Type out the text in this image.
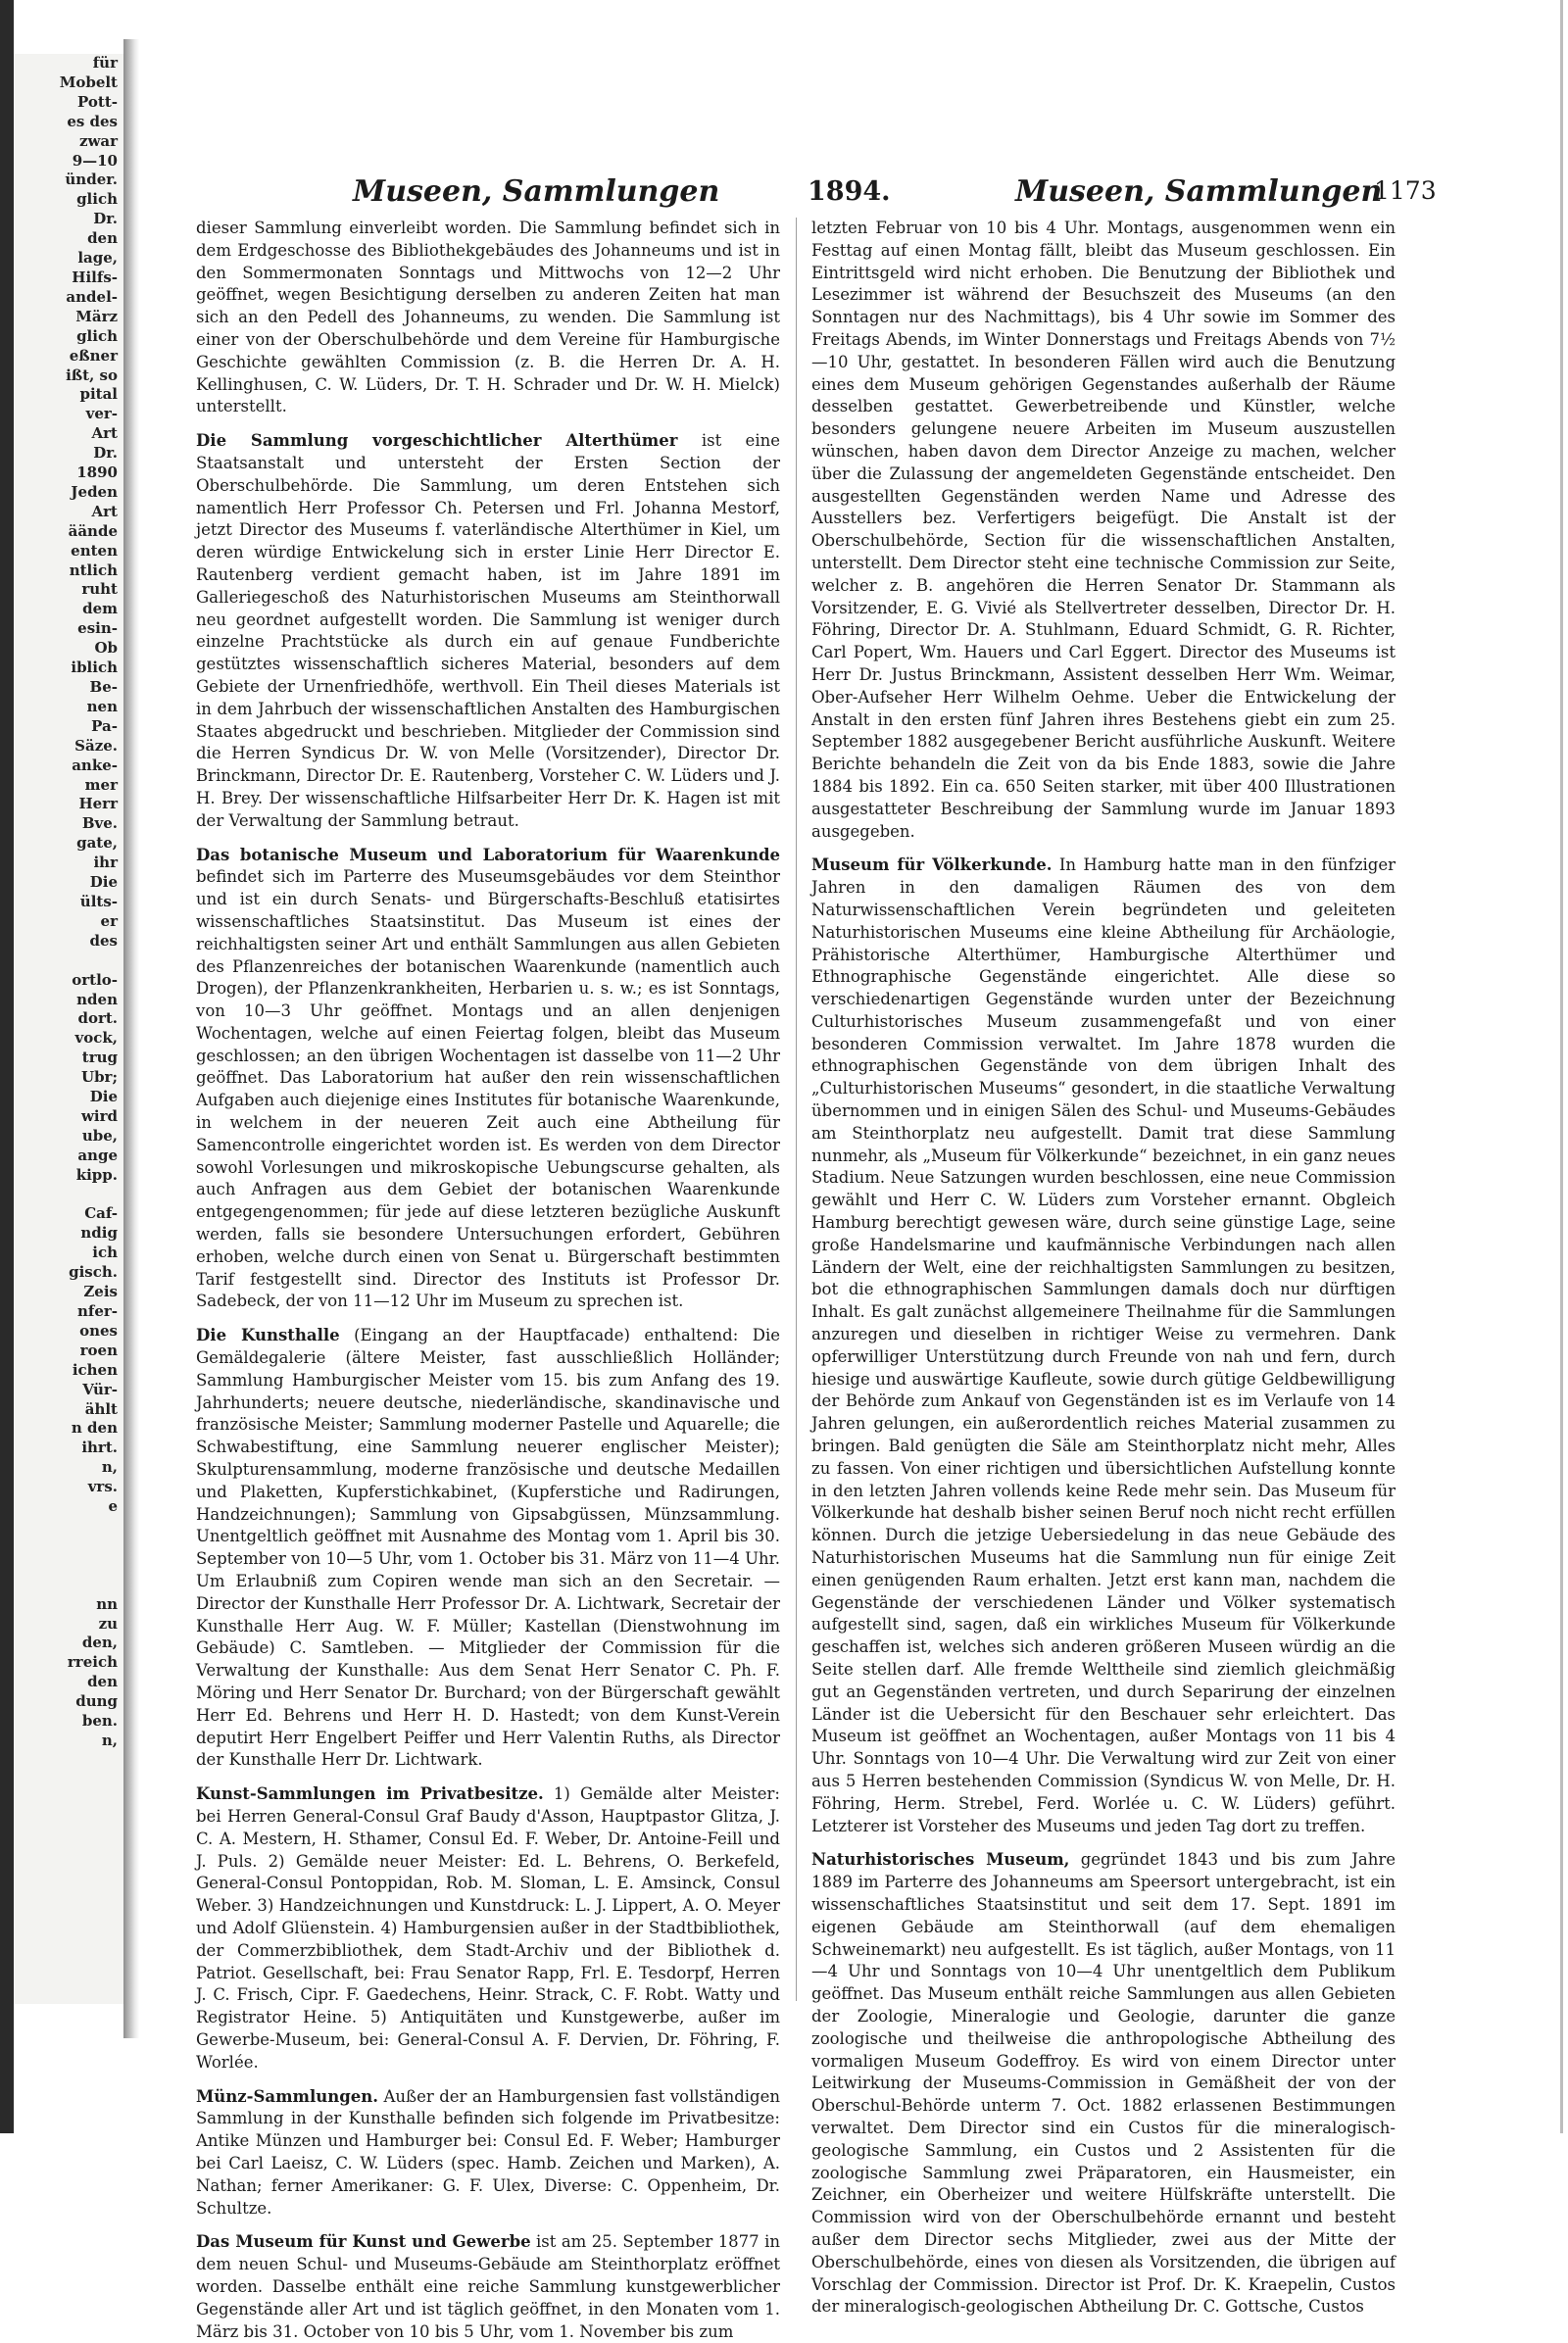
für
Mobelt
Pott-
es des
zwar
9—10
ünder.
glich
Dr.
den
lage,
Hilfs-
andel-
März
glich
eßner
ißt, so
pital
ver-
Art
Dr.
1890
Jeden
Art
äände
enten
ntlich
ruht
dem
esin-
Ob
iblich
Be-
nen
Pa-
Säze.
anke-
mer
Herr
Bve.
gate,
ihr
Die
ülts-
er
des

ortlo-
nden
dort.
vock,
trug
Ubr;
Die
wird
ube,
ange
kipp.

Caf-
ndig
ich
gisch.
Zeis
nfer-
ones
roen
ichen
Vür-
ählt
n den
ihrt.
n,
vrs.
e

nn
zu
den,
rreich
den
dung
ben.
n,
Museen, Sammlungen	1894.	Museen, Sammlungen
1173

dieser Sammlung einverleibt worden. Die Sammlung befindet sich in dem Erdgeschosse des Bibliothekgebäudes des Johanneums und ist in den Sommermonaten Sonntags und Mittwochs von 12—2 Uhr geöffnet, wegen Besichtigung derselben zu anderen Zeiten hat man sich an den Pedell des Johanneums, zu wenden. Die Sammlung ist einer von der Oberschulbehörde und dem Vereine für Hamburgische Geschichte gewählten Commission (z. B. die Herren Dr. A. H. Kellinghusen, C. W. Lüders, Dr. T. H. Schrader und Dr. W. H. Mielck) unterstellt.

Die Sammlung vorgeschichtlicher Alterthümer ist eine Staatsanstalt und untersteht der Ersten Section der Oberschulbehörde. Die Sammlung, um deren Entstehen sich namentlich Herr Professor Ch. Petersen und Frl. Johanna Mestorf, jetzt Director des Museums f. vaterländische Alterthümer in Kiel, um deren würdige Entwickelung sich in erster Linie Herr Director E. Rautenberg verdient gemacht haben, ist im Jahre 1891 im Galleriegeschoß des Naturhistorischen Museums am Steinthorwall neu geordnet aufgestellt worden. Die Sammlung ist weniger durch einzelne Prachtstücke als durch ein auf genaue Fundberichte gestütztes wissenschaftlich sicheres Material, besonders auf dem Gebiete der Urnenfriedhöfe, werthvoll. Ein Theil dieses Materials ist in dem Jahrbuch der wissenschaftlichen Anstalten des Hamburgischen Staates abgedruckt und beschrieben. Mitglieder der Commission sind die Herren Syndicus Dr. W. von Melle (Vorsitzender), Director Dr. Brinckmann, Director Dr. E. Rautenberg, Vorsteher C. W. Lüders und J. H. Brey. Der wissenschaftliche Hilfsarbeiter Herr Dr. K. Hagen ist mit der Verwaltung der Sammlung betraut.

Das botanische Museum und Laboratorium für Waarenkunde befindet sich im Parterre des Museumsgebäudes vor dem Steinthor und ist ein durch Senats- und Bürgerschafts-Beschluß etatisirtes wissenschaftliches Staatsinstitut. Das Museum ist eines der reichhaltigsten seiner Art und enthält Sammlungen aus allen Gebieten des Pflanzenreiches der botanischen Waarenkunde (namentlich auch Drogen), der Pflanzenkrankheiten, Herbarien u. s. w.; es ist Sonntags, von 10—3 Uhr geöffnet. Montags und an allen denjenigen Wochentagen, welche auf einen Feiertag folgen, bleibt das Museum geschlossen; an den übrigen Wochentagen ist dasselbe von 11—2 Uhr geöffnet. Das Laboratorium hat außer den rein wissenschaftlichen Aufgaben auch diejenige eines Institutes für botanische Waarenkunde, in welchem in der neueren Zeit auch eine Abtheilung für Samencontrolle eingerichtet worden ist. Es werden von dem Director sowohl Vorlesungen und mikroskopische Uebungscurse gehalten, als auch Anfragen aus dem Gebiet der botanischen Waarenkunde entgegengenommen; für jede auf diese letzteren bezügliche Auskunft werden, falls sie besondere Untersuchungen erfordert, Gebühren erhoben, welche durch einen von Senat u. Bürgerschaft bestimmten Tarif festgestellt sind. Director des Instituts ist Professor Dr. Sadebeck, der von 11—12 Uhr im Museum zu sprechen ist.

Die Kunsthalle (Eingang an der Hauptfacade) enthaltend: Die Gemäldegalerie (ältere Meister, fast ausschließlich Holländer; Sammlung Hamburgischer Meister vom 15. bis zum Anfang des 19. Jahrhunderts; neuere deutsche, niederländische, skandinavische und französische Meister; Sammlung moderner Pastelle und Aquarelle; die Schwabestiftung, eine Sammlung neuerer englischer Meister); Skulpturensammlung, moderne französische und deutsche Medaillen und Plaketten, Kupferstichkabinet, (Kupferstiche und Radirungen, Handzeichnungen); Sammlung von Gipsabgüssen, Münzsammlung. Unentgeltlich geöffnet mit Ausnahme des Montag vom 1. April bis 30. September von 10—5 Uhr, vom 1. October bis 31. März von 11—4 Uhr. Um Erlaubniß zum Copiren wende man sich an den Secretair. — Director der Kunsthalle Herr Professor Dr. A. Lichtwark, Secretair der Kunsthalle Herr Aug. W. F. Müller; Kastellan (Dienstwohnung im Gebäude) C. Samtleben. — Mitglieder der Commission für die Verwaltung der Kunsthalle: Aus dem Senat Herr Senator C. Ph. F. Möring und Herr Senator Dr. Burchard; von der Bürgerschaft gewählt Herr Ed. Behrens und Herr H. D. Hastedt; von dem Kunst-Verein deputirt Herr Engelbert Peiffer und Herr Valentin Ruths, als Director der Kunsthalle Herr Dr. Lichtwark.

Kunst-Sammlungen im Privatbesitze. 1) Gemälde alter Meister: bei Herren General-Consul Graf Baudy d'Asson, Hauptpastor Glitza, J. C. A. Mestern, H. Sthamer, Consul Ed. F. Weber, Dr. Antoine-Feill und J. Puls. 2) Gemälde neuer Meister: Ed. L. Behrens, O. Berkefeld, General-Consul Pontoppidan, Rob. M. Sloman, L. E. Amsinck, Consul Weber. 3) Handzeichnungen und Kunstdruck: L. J. Lippert, A. O. Meyer und Adolf Glüenstein. 4) Hamburgensien außer in der Stadtbibliothek, der Commerzbibliothek, dem Stadt-Archiv und der Bibliothek d. Patriot. Gesellschaft, bei: Frau Senator Rapp, Frl. E. Tesdorpf, Herren J. C. Frisch, Cipr. F. Gaedechens, Heinr. Strack, C. F. Robt. Watty und Registrator Heine. 5) Antiquitäten und Kunstgewerbe, außer im Gewerbe-Museum, bei: General-Consul A. F. Dervien, Dr. Föhring, F. Worlée.

Münz-Sammlungen. Außer der an Hamburgensien fast vollständigen Sammlung in der Kunsthalle befinden sich folgende im Privatbesitze: Antike Münzen und Hamburger bei: Consul Ed. F. Weber; Hamburger bei Carl Laeisz, C. W. Lüders (spec. Hamb. Zeichen und Marken), A. Nathan; ferner Amerikaner: G. F. Ulex, Diverse: C. Oppenheim, Dr. Schultze.

Das Museum für Kunst und Gewerbe ist am 25. September 1877 in dem neuen Schul- und Museums-Gebäude am Steinthorplatz eröffnet worden. Dasselbe enthält eine reiche Sammlung kunstgewerblicher Gegenstände aller Art und ist täglich geöffnet, in den Monaten vom 1. März bis 31. October von 10 bis 5 Uhr, vom 1. November bis zum

letzten Februar von 10 bis 4 Uhr. Montags, ausgenommen wenn ein Festtag auf einen Montag fällt, bleibt das Museum geschlossen. Ein Eintrittsgeld wird nicht erhoben. Die Benutzung der Bibliothek und Lesezimmer ist während der Besuchszeit des Museums (an den Sonntagen nur des Nachmittags), bis 4 Uhr sowie im Sommer des Freitags Abends, im Winter Donnerstags und Freitags Abends von 7½—10 Uhr, gestattet. In besonderen Fällen wird auch die Benutzung eines dem Museum gehörigen Gegenstandes außerhalb der Räume desselben gestattet. Gewerbetreibende und Künstler, welche besonders gelungene neuere Arbeiten im Museum auszustellen wünschen, haben davon dem Director Anzeige zu machen, welcher über die Zulassung der angemeldeten Gegenstände entscheidet. Den ausgestellten Gegenständen werden Name und Adresse des Ausstellers bez. Verfertigers beigefügt. Die Anstalt ist der Oberschulbehörde, Section für die wissenschaftlichen Anstalten, unterstellt. Dem Director steht eine technische Commission zur Seite, welcher z. B. angehören die Herren Senator Dr. Stammann als Vorsitzender, E. G. Vivié als Stellvertreter desselben, Director Dr. H. Föhring, Director Dr. A. Stuhlmann, Eduard Schmidt, G. R. Richter, Carl Popert, Wm. Hauers und Carl Eggert. Director des Museums ist Herr Dr. Justus Brinckmann, Assistent desselben Herr Wm. Weimar, Ober-Aufseher Herr Wilhelm Oehme. Ueber die Entwickelung der Anstalt in den ersten fünf Jahren ihres Bestehens giebt ein zum 25. September 1882 ausgegebener Bericht ausführliche Auskunft. Weitere Berichte behandeln die Zeit von da bis Ende 1883, sowie die Jahre 1884 bis 1892. Ein ca. 650 Seiten starker, mit über 400 Illustrationen ausgestatteter Beschreibung der Sammlung wurde im Januar 1893 ausgegeben.

Museum für Völkerkunde. In Hamburg hatte man in den fünfziger Jahren in den damaligen Räumen des von dem Naturwissenschaftlichen Verein begründeten und geleiteten Naturhistorischen Museums eine kleine Abtheilung für Archäologie, Prähistorische Alterthümer, Hamburgische Alterthümer und Ethnographische Gegenstände eingerichtet. Alle diese so verschiedenartigen Gegenstände wurden unter der Bezeichnung Culturhistorisches Museum zusammengefaßt und von einer besonderen Commission verwaltet. Im Jahre 1878 wurden die ethnographischen Gegenstände von dem übrigen Inhalt des „Culturhistorischen Museums“ gesondert, in die staatliche Verwaltung übernommen und in einigen Sälen des Schul- und Museums-Gebäudes am Steinthorplatz neu aufgestellt. Damit trat diese Sammlung nunmehr, als „Museum für Völkerkunde“ bezeichnet, in ein ganz neues Stadium. Neue Satzungen wurden beschlossen, eine neue Commission gewählt und Herr C. W. Lüders zum Vorsteher ernannt. Obgleich Hamburg berechtigt gewesen wäre, durch seine günstige Lage, seine große Handelsmarine und kaufmännische Verbindungen nach allen Ländern der Welt, eine der reichhaltigsten Sammlungen zu besitzen, bot die ethnographischen Sammlungen damals doch nur dürftigen Inhalt. Es galt zunächst allgemeinere Theilnahme für die Sammlungen anzuregen und dieselben in richtiger Weise zu vermehren. Dank opferwilliger Unterstützung durch Freunde von nah und fern, durch hiesige und auswärtige Kaufleute, sowie durch gütige Geldbewilligung der Behörde zum Ankauf von Gegenständen ist es im Verlaufe von 14 Jahren gelungen, ein außerordentlich reiches Material zusammen zu bringen. Bald genügten die Säle am Steinthorplatz nicht mehr, Alles zu fassen. Von einer richtigen und übersichtlichen Aufstellung konnte in den letzten Jahren vollends keine Rede mehr sein. Das Museum für Völkerkunde hat deshalb bisher seinen Beruf noch nicht recht erfüllen können. Durch die jetzige Uebersiedelung in das neue Gebäude des Naturhistorischen Museums hat die Sammlung nun für einige Zeit einen genügenden Raum erhalten. Jetzt erst kann man, nachdem die Gegenstände der verschiedenen Länder und Völker systematisch aufgestellt sind, sagen, daß ein wirkliches Museum für Völkerkunde geschaffen ist, welches sich anderen größeren Museen würdig an die Seite stellen darf. Alle fremde Welttheile sind ziemlich gleichmäßig gut an Gegenständen vertreten, und durch Separirung der einzelnen Länder ist die Uebersicht für den Beschauer sehr erleichtert. Das Museum ist geöffnet an Wochentagen, außer Montags von 11 bis 4 Uhr. Sonntags von 10—4 Uhr. Die Verwaltung wird zur Zeit von einer aus 5 Herren bestehenden Commission (Syndicus W. von Melle, Dr. H. Föhring, Herm. Strebel, Ferd. Worlée u. C. W. Lüders) geführt. Letzterer ist Vorsteher des Museums und jeden Tag dort zu treffen.

Naturhistorisches Museum, gegründet 1843 und bis zum Jahre 1889 im Parterre des Johanneums am Speersort untergebracht, ist ein wissenschaftliches Staatsinstitut und seit dem 17. Sept. 1891 im eigenen Gebäude am Steinthorwall (auf dem ehemaligen Schweinemarkt) neu aufgestellt. Es ist täglich, außer Montags, von 11—4 Uhr und Sonntags von 10—4 Uhr unentgeltlich dem Publikum geöffnet. Das Museum enthält reiche Sammlungen aus allen Gebieten der Zoologie, Mineralogie und Geologie, darunter die ganze zoologische und theilweise die anthropologische Abtheilung des vormaligen Museum Godeffroy. Es wird von einem Director unter Leitwirkung der Museums-Commission in Gemäßheit der von der Oberschul-Behörde unterm 7. Oct. 1882 erlassenen Bestimmungen verwaltet. Dem Director sind ein Custos für die mineralogisch-geologische Sammlung, ein Custos und 2 Assistenten für die zoologische Sammlung zwei Präparatoren, ein Hausmeister, ein Zeichner, ein Oberheizer und weitere Hülfskräfte unterstellt. Die Commission wird von der Oberschulbehörde ernannt und besteht außer dem Director sechs Mitglieder, zwei aus der Mitte der Oberschulbehörde, eines von diesen als Vorsitzenden, die übrigen auf Vorschlag der Commission. Director ist Prof. Dr. K. Kraepelin, Custos der mineralogisch-geologischen Abtheilung Dr. C. Gottsche, Custos
